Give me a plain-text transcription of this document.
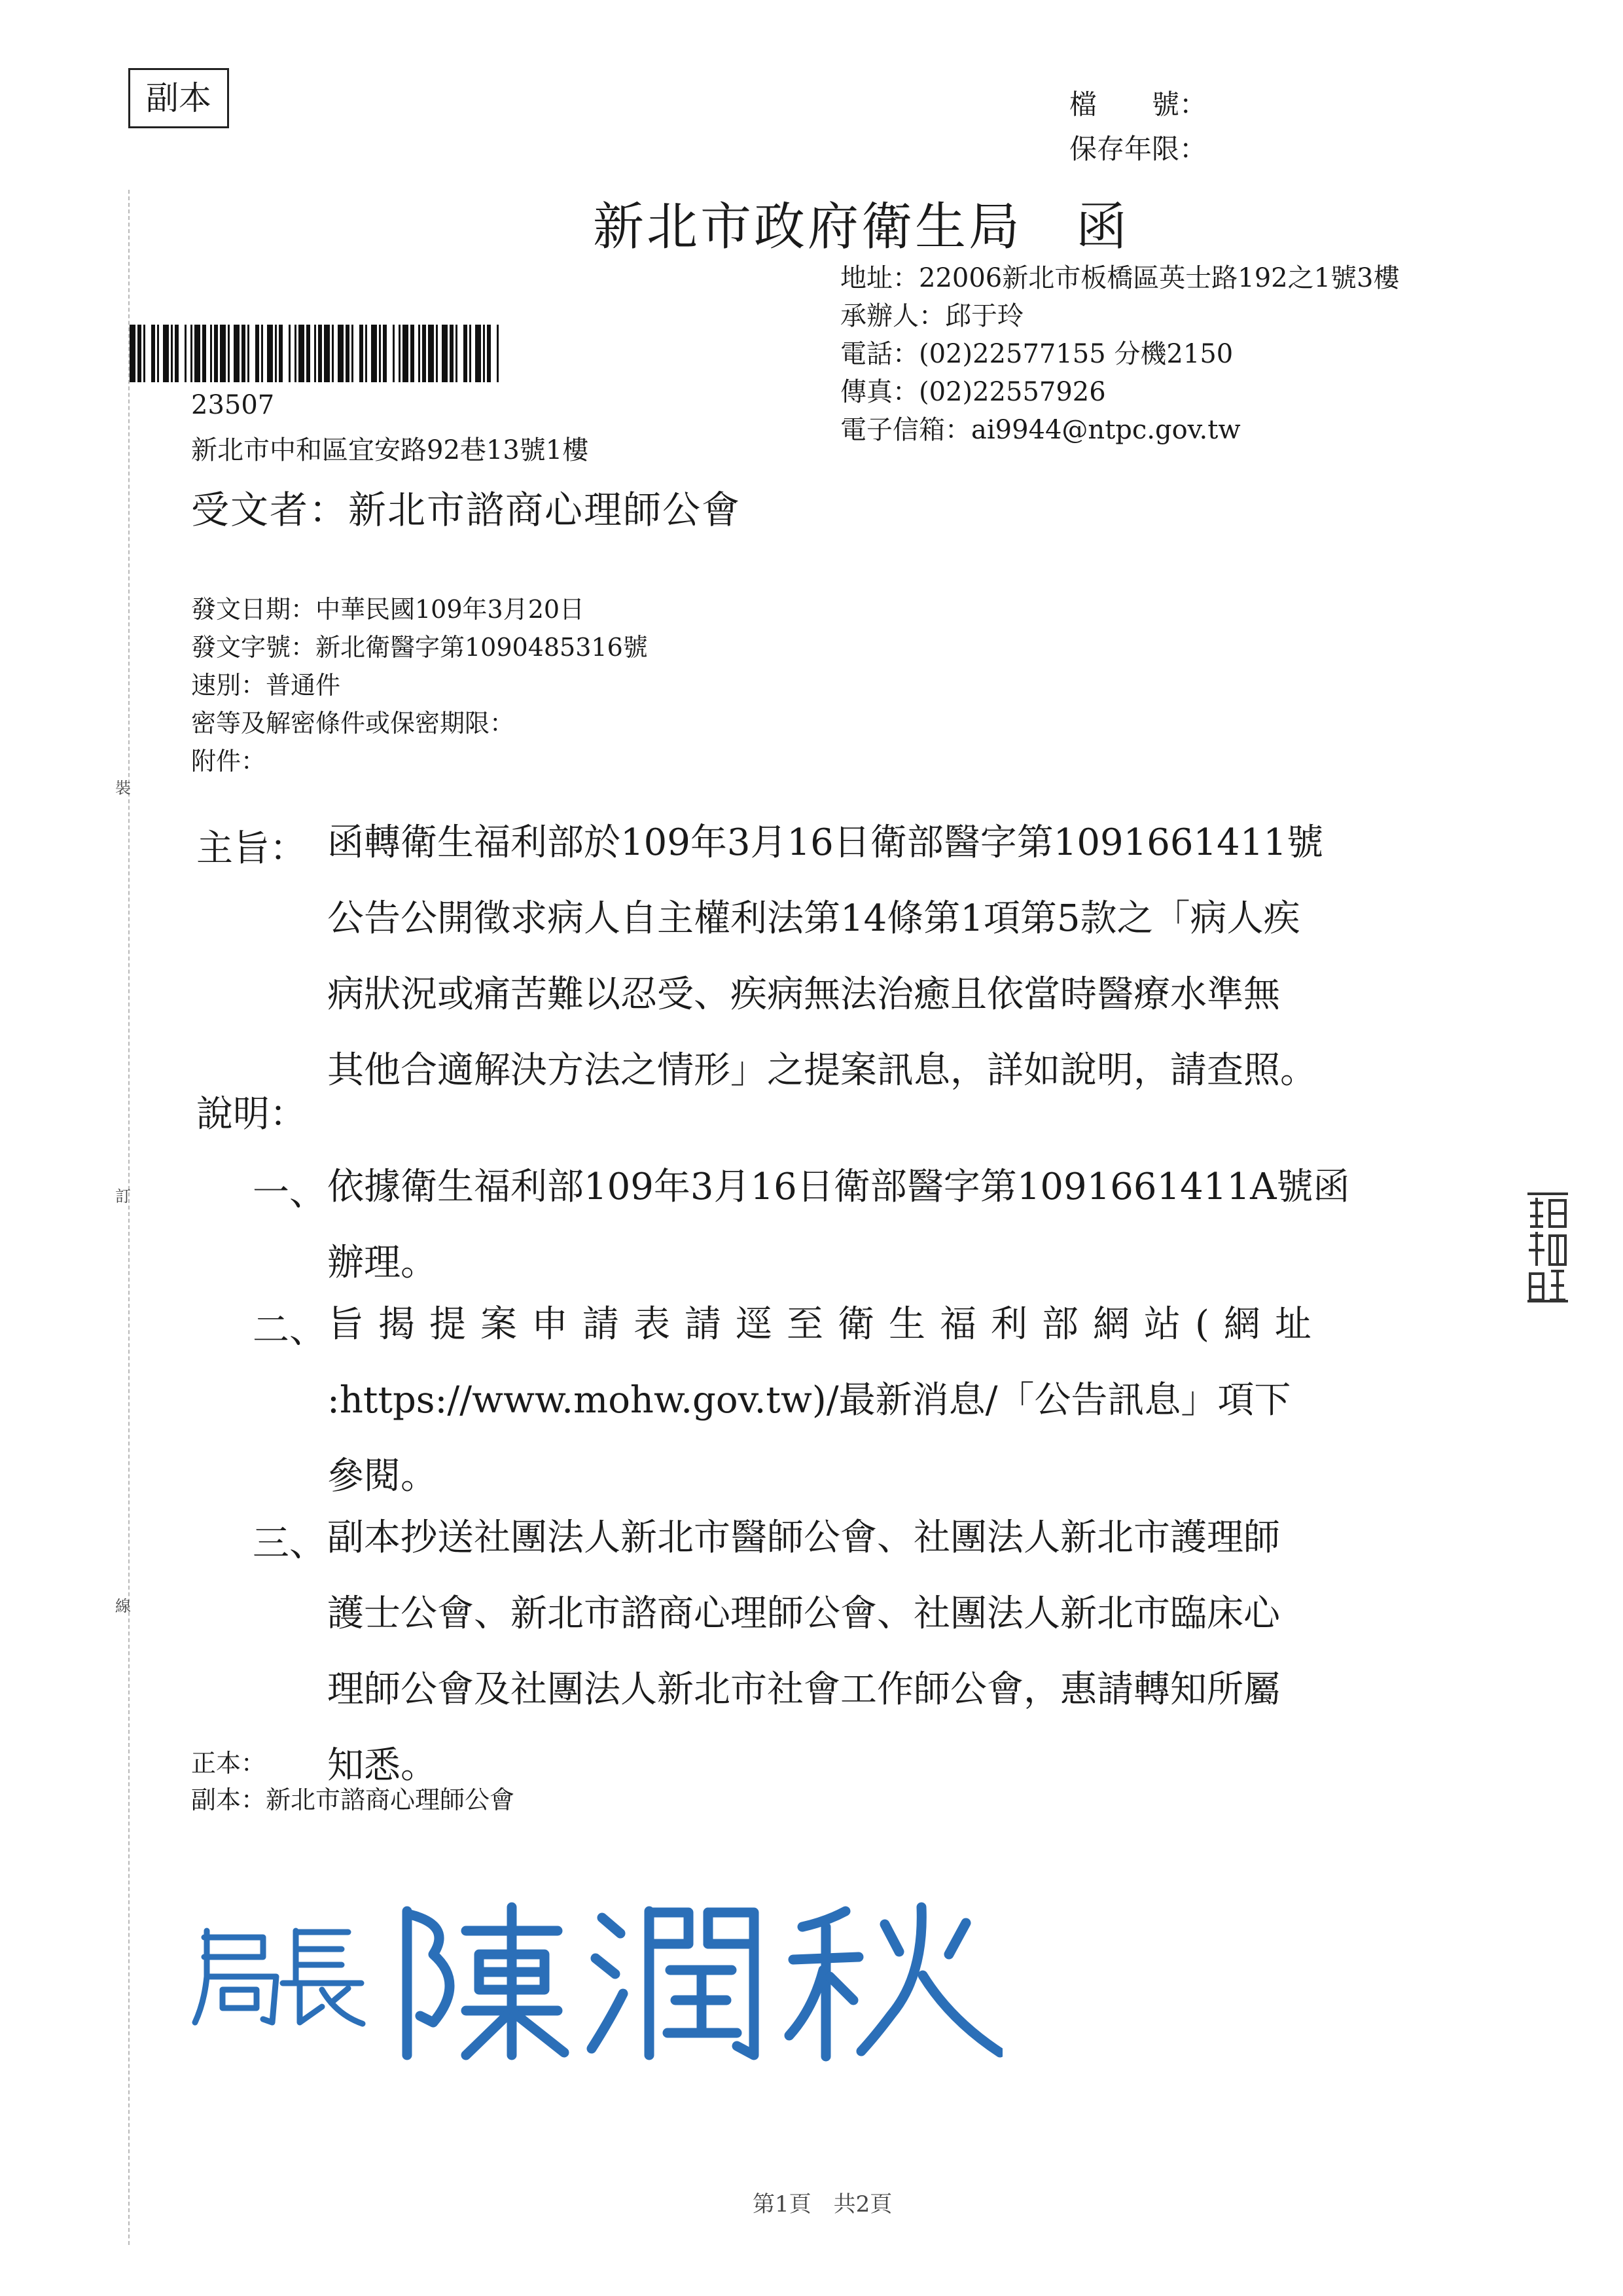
副本	檔　　號：
保存年限：
新北市政府衛生局　函
地址：22006新北市板橋區英士路192之1號3樓
承辦人：邱于玲
電話：(02)22577155 分機2150
傳真：(02)22557926
電子信箱：ai9944@ntpc.gov.tw
23507
新北市中和區宜安路92巷13號1樓
受文者：新北市諮商心理師公會
發文日期：中華民國109年3月20日
發文字號：新北衛醫字第1090485316號
速別：普通件
密等及解密條件或保密期限：
附件：
主旨： 函轉衛生福利部於109年3月16日衛部醫字第1091661411號
公告公開徵求病人自主權利法第14條第1項第5款之「病人疾
病狀況或痛苦難以忍受、疾病無法治癒且依當時醫療水準無
其他合適解決方法之情形」之提案訊息，詳如說明，請查照。
說明：
一、 依據衛生福利部109年3月16日衛部醫字第1091661411A號函
辦理。
二、 旨揭提案申請表請逕至衛生福利部網站(網址
:https://www.mohw.gov.tw)/最新消息/「公告訊息」項下
參閱。
三、 副本抄送社團法人新北市醫師公會、社團法人新北市護理師
護士公會、新北市諮商心理師公會、社團法人新北市臨床心
理師公會及社團法人新北市社會工作師公會，惠請轉知所屬
知悉。
正本：
副本：新北市諮商心理師公會
裝
訂
線
第1頁　共2頁
